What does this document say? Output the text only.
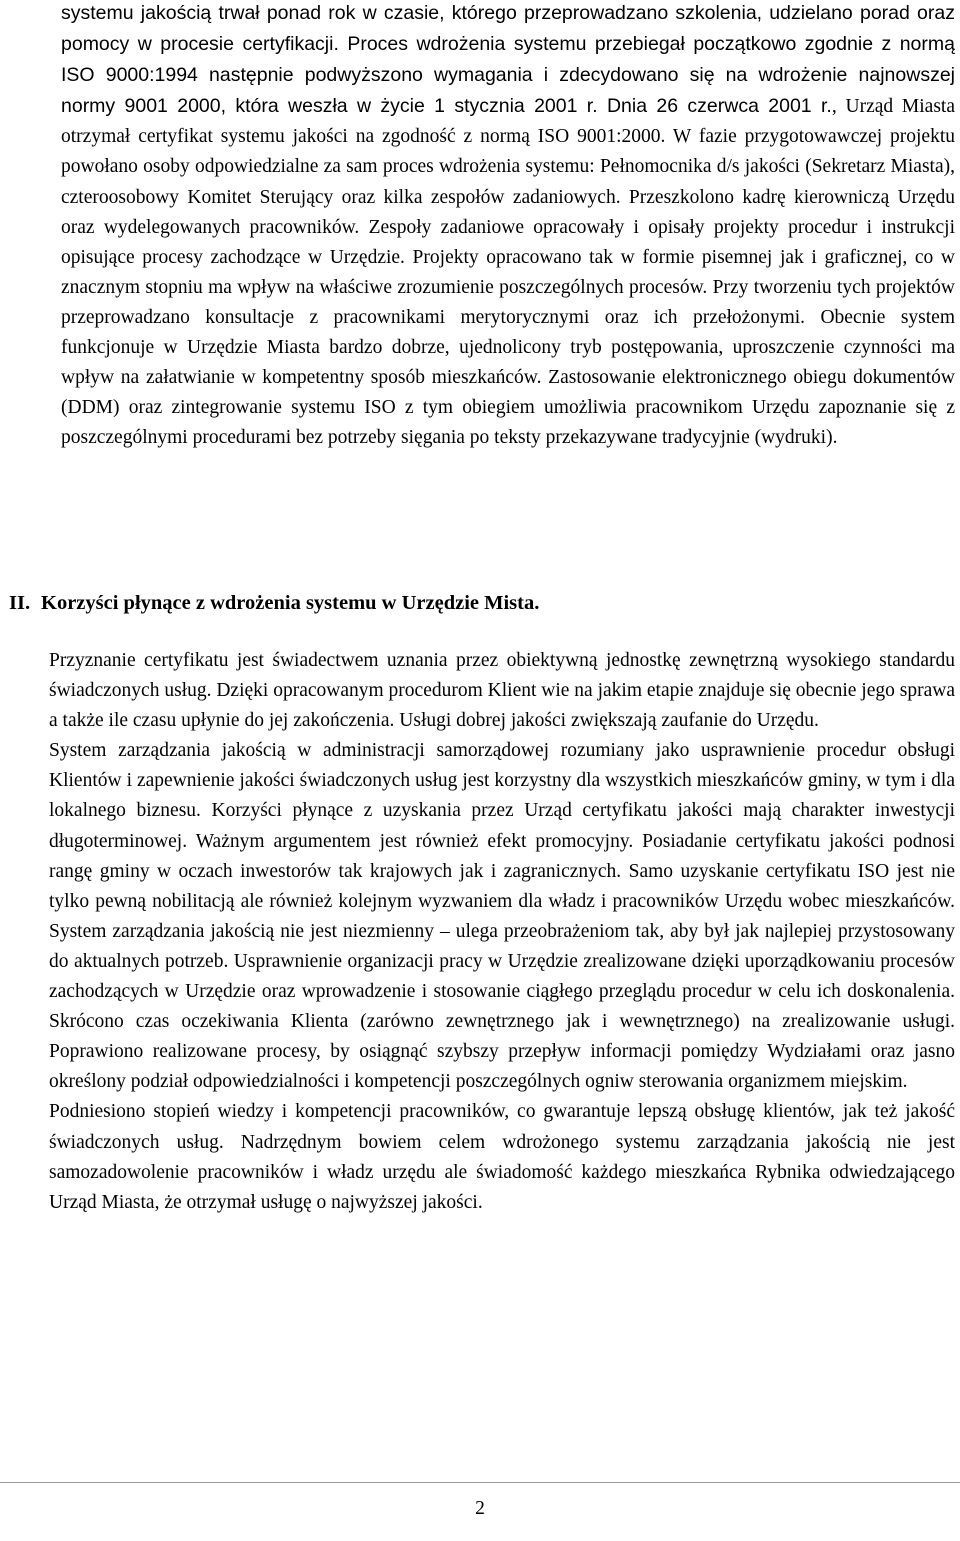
systemu jakością trwał ponad rok w czasie, którego przeprowadzano szkolenia, udzielano porad oraz pomocy w procesie certyfikacji. Proces wdrożenia systemu przebiegał początkowo zgodnie z normą ISO 9000:1994 następnie podwyższono wymagania i zdecydowano się na wdrożenie najnowszej normy 9001 2000, która weszła w życie 1 stycznia 2001 r. Dnia 26 czerwca 2001 r., Urząd Miasta otrzymał certyfikat systemu jakości na zgodność z normą ISO 9001:2000. W fazie przygotowawczej projektu powołano osoby odpowiedzialne za sam proces wdrożenia systemu: Pełnomocnika d/s jakości (Sekretarz Miasta), czteroosobowy Komitet Sterujący oraz kilka zespołów zadaniowych. Przeszkolono kadrę kierowniczą Urzędu oraz wydelegowanych pracowników. Zespoły zadaniowe opracowały i opisały projekty procedur i instrukcji opisujące procesy zachodzące w Urzędzie. Projekty opracowano tak w formie pisemnej jak i graficznej, co w znacznym stopniu ma wpływ na właściwe zrozumienie poszczególnych procesów. Przy tworzeniu tych projektów przeprowadzano konsultacje z pracownikami merytorycznymi oraz ich przełożonymi. Obecnie system funkcjonuje w Urzędzie Miasta bardzo dobrze, ujednolicony tryb postępowania, uproszczenie czynności ma wpływ na załatwianie w kompetentny sposób mieszkańców. Zastosowanie elektronicznego obiegu dokumentów (DDM) oraz zintegrowanie systemu ISO z tym obiegiem umożliwia pracownikom Urzędu zapoznanie się z poszczególnymi procedurami bez potrzeby sięgania po teksty przekazywane tradycyjnie (wydruki).

II. Korzyści płynące z wdrożenia systemu w Urzędzie Mista.

Przyznanie certyfikatu jest świadectwem uznania przez obiektywną jednostkę zewnętrzną wysokiego standardu świadczonych usług. Dzięki opracowanym procedurom Klient wie na jakim etapie znajduje się obecnie jego sprawa a także ile czasu upłynie do jej zakończenia. Usługi dobrej jakości zwiększają zaufanie do Urzędu.

System zarządzania jakością w administracji samorządowej rozumiany jako usprawnienie procedur obsługi Klientów i zapewnienie jakości świadczonych usług jest korzystny dla wszystkich mieszkańców gminy, w tym i dla lokalnego biznesu. Korzyści płynące z uzyskania przez Urząd certyfikatu jakości mają charakter inwestycji długoterminowej. Ważnym argumentem jest również efekt promocyjny. Posiadanie certyfikatu jakości podnosi rangę gminy w oczach inwestorów tak krajowych jak i zagranicznych. Samo uzyskanie certyfikatu ISO jest nie tylko pewną nobilitacją ale również kolejnym wyzwaniem dla władz i pracowników Urzędu wobec mieszkańców. System zarządzania jakością nie jest niezmienny – ulega przeobrażeniom tak, aby był jak najlepiej przystosowany do aktualnych potrzeb. Usprawnienie organizacji pracy w Urzędzie zrealizowane dzięki uporządkowaniu procesów zachodzących w Urzędzie oraz wprowadzenie i stosowanie ciągłego przeglądu procedur w celu ich doskonalenia. Skrócono czas oczekiwania Klienta (zarówno zewnętrznego jak i wewnętrznego) na zrealizowanie usługi. Poprawiono realizowane procesy, by osiągnąć szybszy przepływ informacji pomiędzy Wydziałami oraz jasno określony podział odpowiedzialności i kompetencji poszczególnych ogniw sterowania organizmem miejskim.

Podniesiono stopień wiedzy i kompetencji pracowników, co gwarantuje lepszą obsługę klientów, jak też jakość świadczonych usług. Nadrzędnym bowiem celem wdrożonego systemu zarządzania jakością nie jest samozadowolenie pracowników i władz urzędu ale świadomość każdego mieszkańca Rybnika odwiedzającego Urząd Miasta, że otrzymał usługę o najwyższej jakości.

2
